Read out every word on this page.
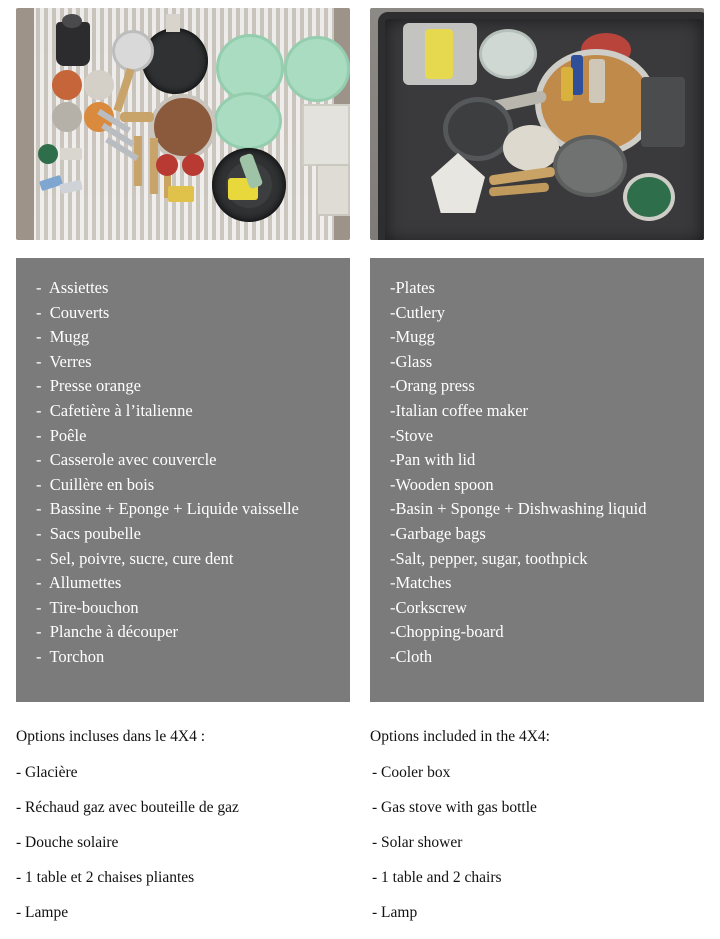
-  Assiettes
-  Couverts
-  Mugg
-  Verres
-  Presse orange
-  Cafetière à l’italienne
-  Poêle
-  Casserole avec couvercle
-  Cuillère en bois
-  Bassine + Eponge + Liquide vaisselle
-  Sacs poubelle
-  Sel, poivre, sucre, cure dent
-  Allumettes
-  Tire-bouchon
-  Planche à découper
-  Torchon
Options incluses dans le 4X4 :
- Glacière
- Réchaud gaz avec bouteille de gaz
- Douche solaire
- 1 table et 2 chaises pliantes
- Lampe
-Plates
-Cutlery
-Mugg
-Glass
-Orang press
-Italian coffee maker
-Stove
-Pan with lid
-Wooden spoon
-Basin + Sponge + Dishwashing liquid
-Garbage bags
-Salt, pepper, sugar, toothpick
-Matches
-Corkscrew
-Chopping-board
-Cloth
Options included in the 4X4:
- Cooler box
- Gas stove with gas bottle
- Solar shower
- 1 table and 2 chairs
- Lamp
